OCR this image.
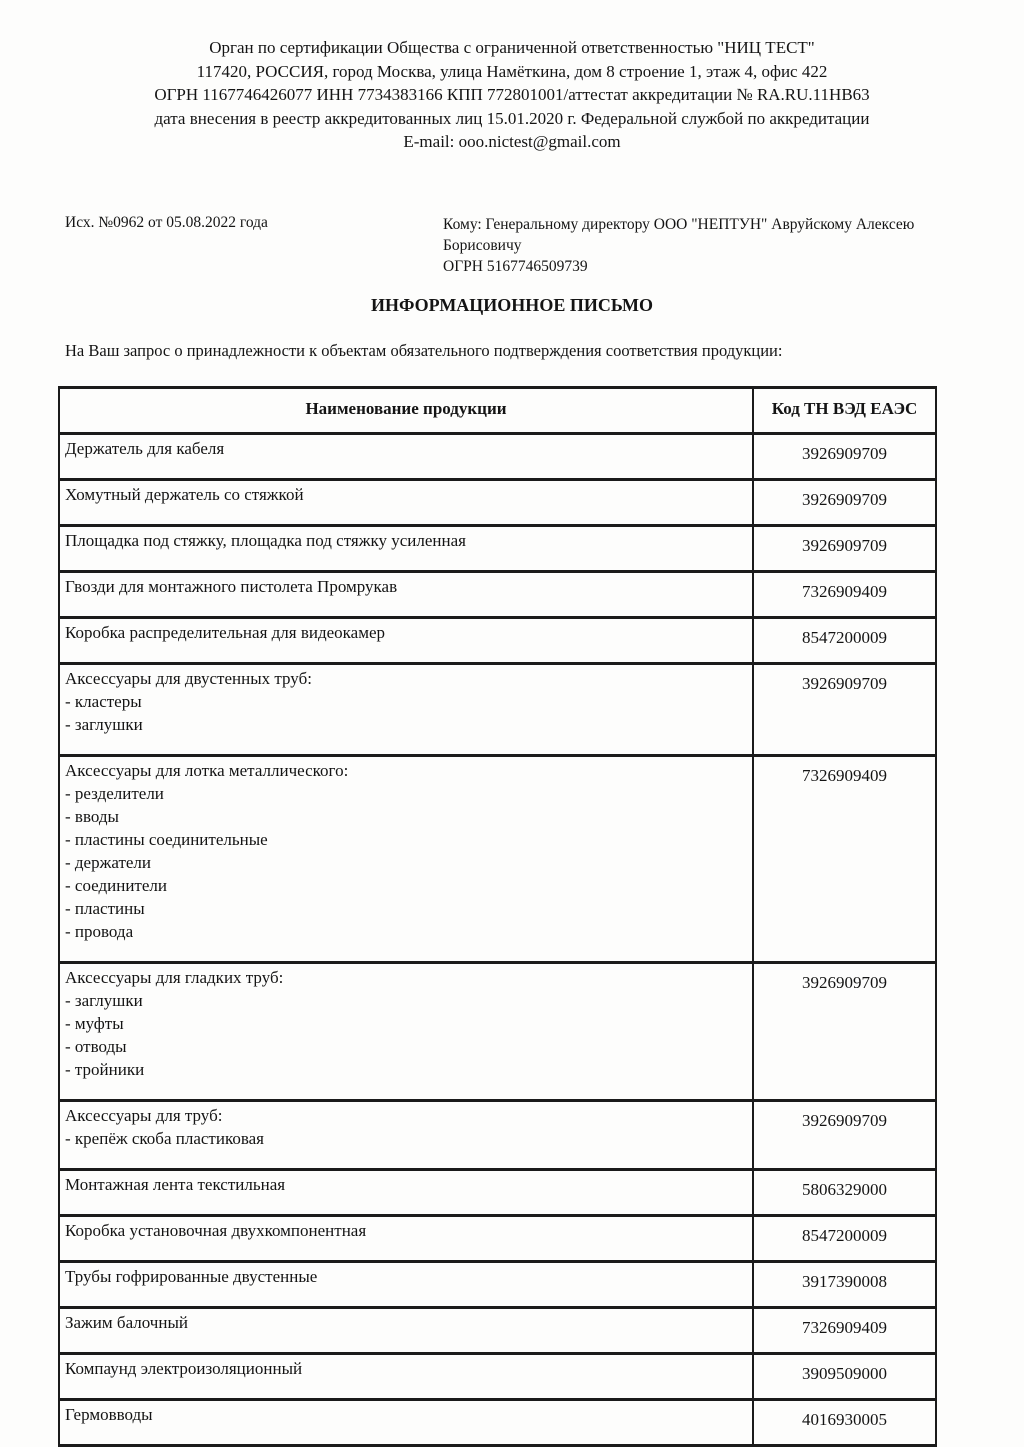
Орган по сертификации Общества с ограниченной ответственностью "НИЦ ТЕСТ"
117420, РОССИЯ, город Москва, улица Намёткина, дом 8 строение 1, этаж 4, офис 422
ОГРН 1167746426077 ИНН 7734383166 КПП 772801001/аттестат аккредитации № RA.RU.11НВ63
дата внесения в реестр аккредитованных лиц 15.01.2020 г. Федеральной службой по аккредитации
E-mail: ooo.nictest@gmail.com
Исх. №0962 от 05.08.2022 года	Кому: Генеральному директору ООО "НЕПТУН" Авруйскому Алексею Борисовичу
ОГРН 5167746509739
ИНФОРМАЦИОННОЕ ПИСЬМО
На Ваш запрос о принадлежности к объектам обязательного подтверждения соответствия продукции:
Наименование продукции	Код ТН ВЭД ЕАЭС
Держатель для кабеля	3926909709
Хомутный держатель со стяжкой	3926909709
Площадка под стяжку, площадка под стяжку усиленная	3926909709
Гвозди для монтажного пистолета Промрукав	7326909409
Коробка распределительная для видеокамер	8547200009
Аксессуары для двустенных труб:
- кластеры
- заглушки	3926909709
Аксессуары для лотка металлического:
- резделители
- вводы
- пластины соединительные
- держатели
- соединители
- пластины
- провода	7326909409
Аксессуары для гладких труб:
- заглушки
- муфты
- отводы
- тройники	3926909709
Аксессуары для труб:
- крепёж скоба пластиковая	3926909709
Монтажная лента текстильная	5806329000
Коробка установочная двухкомпонентная	8547200009
Трубы гофрированные двустенные	3917390008
Зажим балочный	7326909409
Компаунд электроизоляционный	3909509000
Гермовводы	4016930005
